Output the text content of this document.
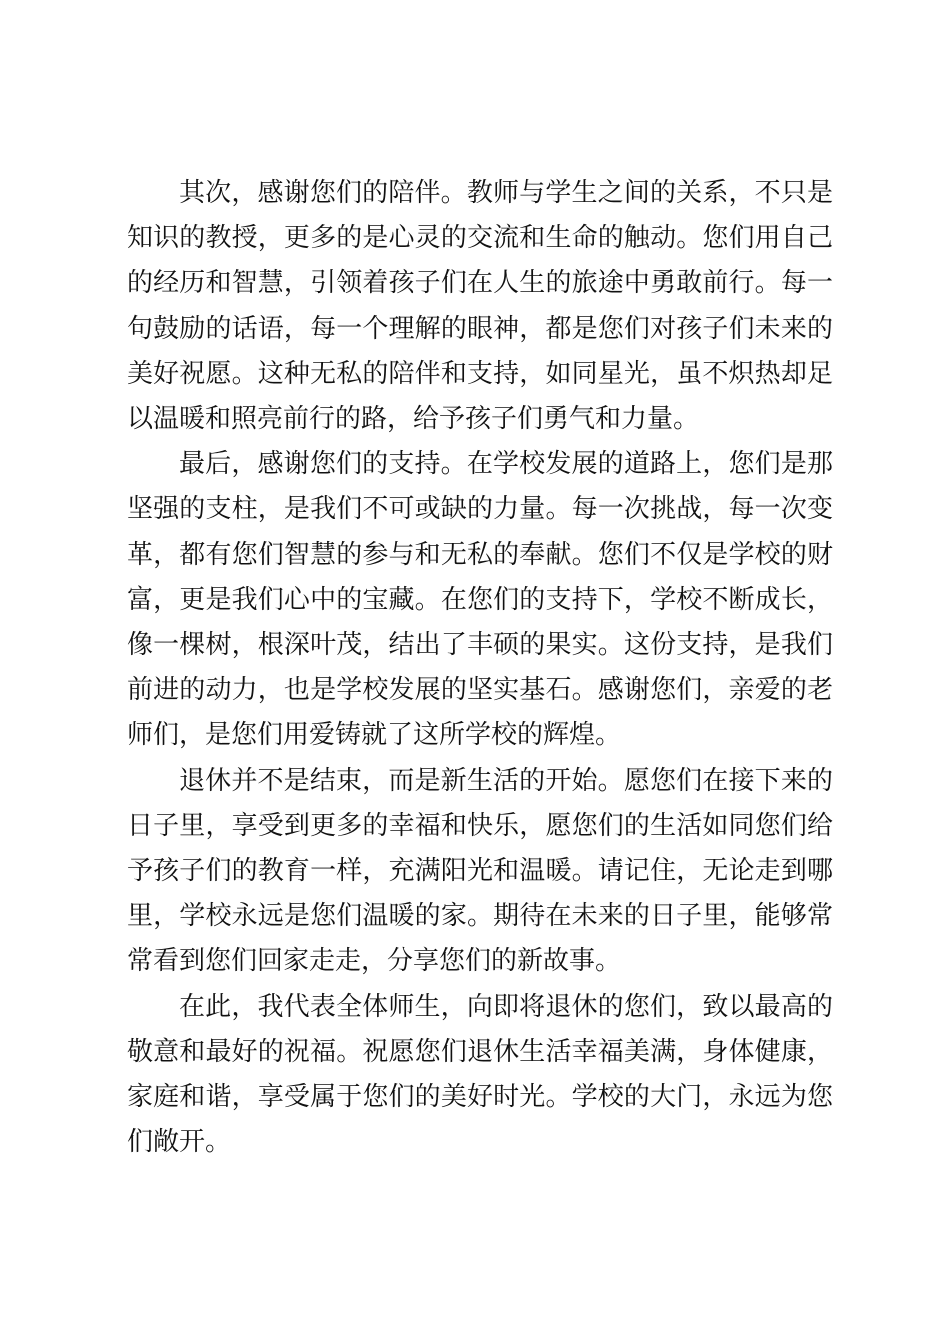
其次，感谢您们的陪伴。教师与学生之间的关系，不只是知识的教授，更多的是心灵的交流和生命的触动。您们用自己的经历和智慧，引领着孩子们在人生的旅途中勇敢前行。每一句鼓励的话语，每一个理解的眼神，都是您们对孩子们未来的美好祝愿。这种无私的陪伴和支持，如同星光，虽不炽热却足以温暖和照亮前行的路，给予孩子们勇气和力量。

最后，感谢您们的支持。在学校发展的道路上，您们是那坚强的支柱，是我们不可或缺的力量。每一次挑战，每一次变革，都有您们智慧的参与和无私的奉献。您们不仅是学校的财富，更是我们心中的宝藏。在您们的支持下，学校不断成长，像一棵树，根深叶茂，结出了丰硕的果实。这份支持，是我们前进的动力，也是学校发展的坚实基石。感谢您们，亲爱的老师们，是您们用爱铸就了这所学校的辉煌。

退休并不是结束，而是新生活的开始。愿您们在接下来的日子里，享受到更多的幸福和快乐，愿您们的生活如同您们给予孩子们的教育一样，充满阳光和温暖。请记住，无论走到哪里，学校永远是您们温暖的家。期待在未来的日子里，能够常常看到您们回家走走，分享您们的新故事。

在此，我代表全体师生，向即将退休的您们，致以最高的敬意和最好的祝福。祝愿您们退休生活幸福美满，身体健康，家庭和谐，享受属于您们的美好时光。学校的大门，永远为您们敞开。
